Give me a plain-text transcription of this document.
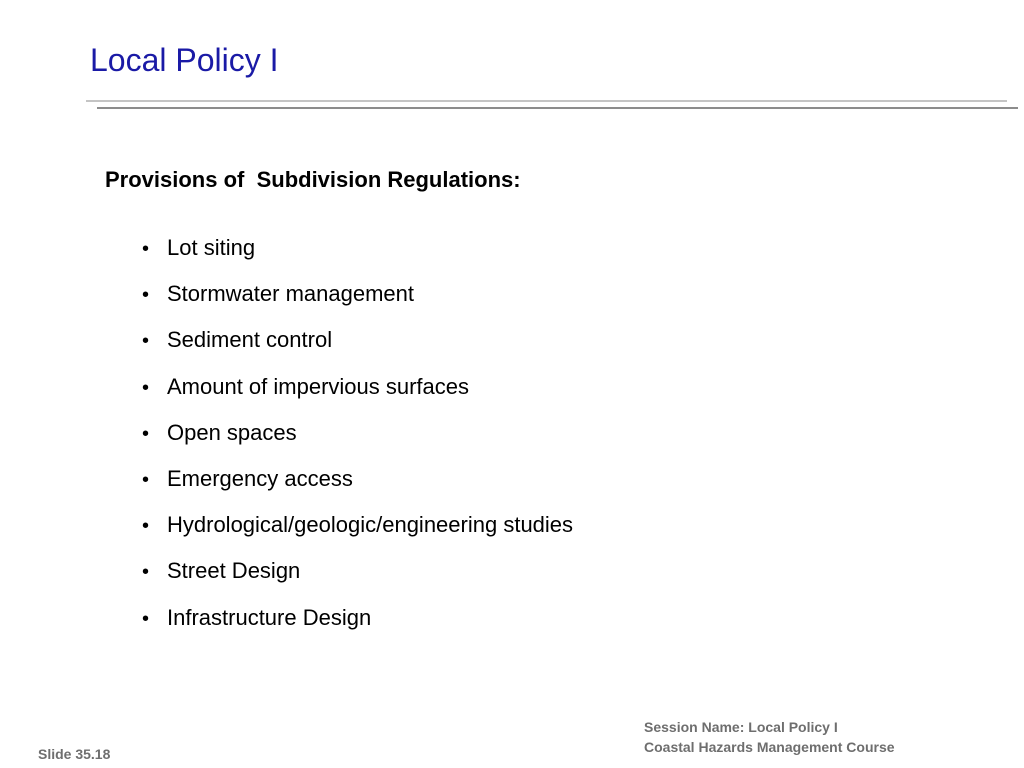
Local Policy I
Provisions of  Subdivision Regulations:
• Lot siting
• Stormwater management
• Sediment control
• Amount of impervious surfaces
• Open spaces
• Emergency access
• Hydrological/geologic/engineering studies
• Street Design
• Infrastructure Design
Session Name: Local Policy I
Coastal Hazards Management Course
Slide 35.18
